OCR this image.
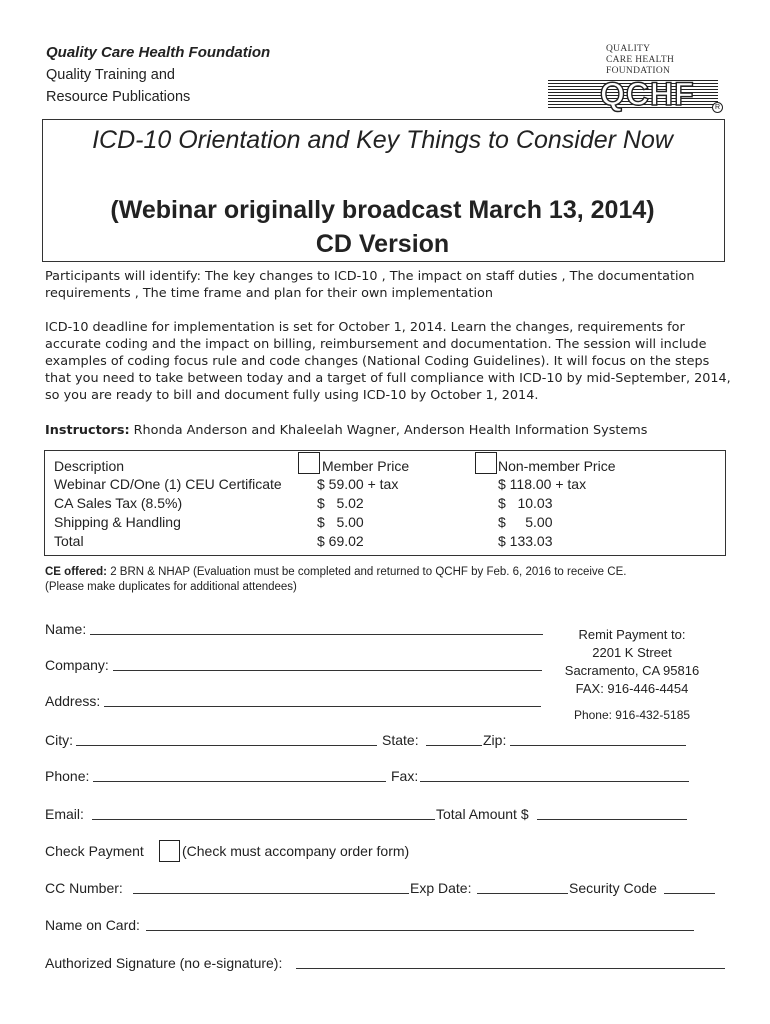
Quality Care Health Foundation
Quality Training and
Resource Publications
QUALITY
CARE HEALTH
FOUNDATION
QCHF	R
ICD-10 Orientation and Key Things to Consider Now
(Webinar originally broadcast March 13, 2014)
CD Version
Participants will identify: The key changes to ICD-10 , The impact on staff duties , The documentation requirements , The time frame and plan for their own implementation
ICD-10 deadline for implementation is set for October 1, 2014. Learn the changes, requirements for accurate coding and the impact on billing, reimbursement and documentation. The session will include examples of coding focus rule and code changes (National Coding Guidelines). It will focus on the steps that you need to take between today and a target of full compliance with ICD-10 by mid-September, 2014, so you are ready to bill and document fully using ICD-10 by October 1, 2014.
Instructors: Rhonda Anderson and Khaleelah Wagner, Anderson Health Information Systems
Description	Member Price	Non-member Price
Webinar CD/One (1) CEU Certificate	$ 59.00 + tax	$ 118.00 + tax
CA Sales Tax (8.5%)	$   5.02	$   10.03
Shipping & Handling	$   5.00	$     5.00
Total	$ 69.02	$ 133.03
CE offered: 2 BRN & NHAP (Evaluation must be completed and returned to QCHF by Feb. 6, 2016 to receive CE.
(Please make duplicates for additional attendees)
Name:
Company:
Address:
Remit Payment to:
2201 K Street
Sacramento, CA 95816
FAX: 916-446-4454
Phone: 916-432-5185
City:	State:	Zip:
Phone:	Fax:
Email:	Total Amount $
Check Payment	(Check must accompany order form)
CC Number:	Exp Date:	Security Code
Name on Card:
Authorized Signature (no e-signature):
